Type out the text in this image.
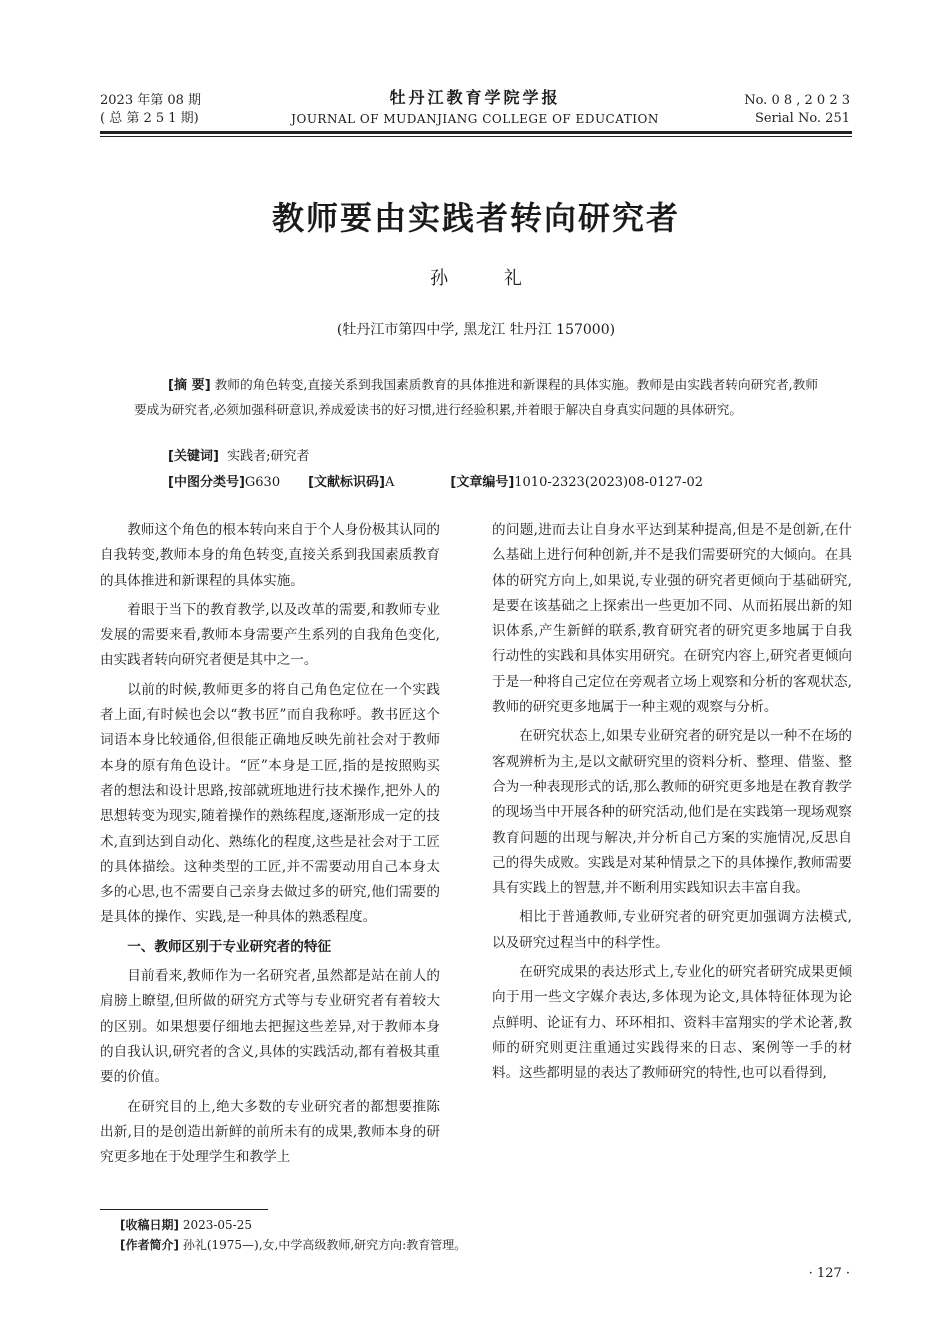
2023 年第 08 期
( 总 第 2 5 1 期)
牡丹江教育学院学报
JOURNAL OF MUDANJIANG COLLEGE OF EDUCATION
No. 0 8 , 2 0 2 3
Serial No. 251
教师要由实践者转向研究者
孙 礼
(牡丹江市第四中学, 黑龙江 牡丹江 157000)
[摘 要] 教师的角色转变,直接关系到我国素质教育的具体推进和新课程的具体实施。教师是由实践者转向研究者,教师要成为研究者,必须加强科研意识,养成爱读书的好习惯,进行经验积累,并着眼于解决自身真实问题的具体研究。
[关键词] 实践者;研究者
[中图分类号]G630 [文献标识码]A	[文章编号]1010-2323(2023)08-0127-02

教师这个角色的根本转向来自于个人身份极其认同的自我转变,教师本身的角色转变,直接关系到我国素质教育的具体推进和新课程的具体实施。

着眼于当下的教育教学,以及改革的需要,和教师专业发展的需要来看,教师本身需要产生系列的自我角色变化,由实践者转向研究者便是其中之一。

以前的时候,教师更多的将自己角色定位在一个实践者上面,有时候也会以“教书匠”而自我称呼。教书匠这个词语本身比较通俗,但很能正确地反映先前社会对于教师本身的原有角色设计。“匠”本身是工匠,指的是按照购买者的想法和设计思路,按部就班地进行技术操作,把外人的思想转变为现实,随着操作的熟练程度,逐渐形成一定的技术,直到达到自动化、熟练化的程度,这些是社会对于工匠的具体描绘。这种类型的工匠,并不需要动用自己本身太多的心思,也不需要自己亲身去做过多的研究,他们需要的是具体的操作、实践,是一种具体的熟悉程度。

一、教师区别于专业研究者的特征

目前看来,教师作为一名研究者,虽然都是站在前人的肩膀上瞭望,但所做的研究方式等与专业研究者有着较大的区别。如果想要仔细地去把握这些差异,对于教师本身的自我认识,研究者的含义,具体的实践活动,都有着极其重要的价值。

在研究目的上,绝大多数的专业研究者的都想要推陈出新,目的是创造出新鲜的前所未有的成果,教师本身的研究更多地在于处理学生和教学上

的问题,进而去让自身水平达到某种提高,但是不是创新,在什么基础上进行何种创新,并不是我们需要研究的大倾向。在具体的研究方向上,如果说,专业强的研究者更倾向于基础研究,是要在该基础之上探索出一些更加不同、从而拓展出新的知识体系,产生新鲜的联系,教育研究者的研究更多地属于自我行动性的实践和具体实用研究。在研究内容上,研究者更倾向于是一种将自己定位在旁观者立场上观察和分析的客观状态,教师的研究更多地属于一种主观的观察与分析。

在研究状态上,如果专业研究者的研究是以一种不在场的客观辨析为主,是以文献研究里的资料分析、整理、借鉴、整合为一种表现形式的话,那么教师的研究更多地是在教育教学的现场当中开展各种的研究活动,他们是在实践第一现场观察教育问题的出现与解决,并分析自己方案的实施情况,反思自己的得失成败。实践是对某种情景之下的具体操作,教师需要具有实践上的智慧,并不断利用实践知识去丰富自我。

相比于普通教师,专业研究者的研究更加强调方法模式,以及研究过程当中的科学性。

在研究成果的表达形式上,专业化的研究者研究成果更倾向于用一些文字媒介表达,多体现为论文,具体特征体现为论点鲜明、论证有力、环环相扣、资料丰富翔实的学术论著,教师的研究则更注重通过实践得来的日志、案例等一手的材料。这些都明显的表达了教师研究的特性,也可以看得到,

[收稿日期] 2023-05-25
[作者简介] 孙礼(1975—),女,中学高级教师,研究方向:教育管理。
· 127 ·
